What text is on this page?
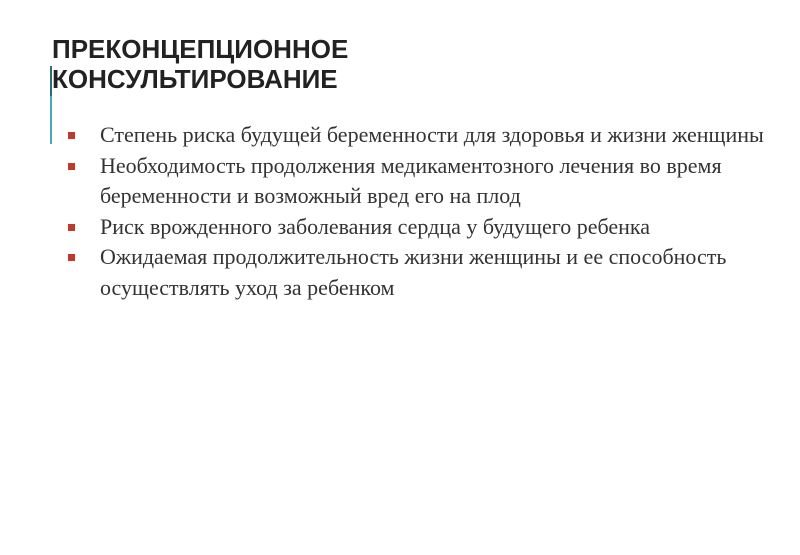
ПРЕКОНЦЕПЦИОННОЕ
КОНСУЛЬТИРОВАНИЕ
Степень риска будущей беременности для здоровья и жизни женщины
Необходимость продолжения медикаментозного лечения во время беременности и возможный вред его на плод
Риск врожденного заболевания сердца у будущего ребенка
Ожидаемая продолжительность жизни женщины и ее способность осуществлять уход за ребенком
